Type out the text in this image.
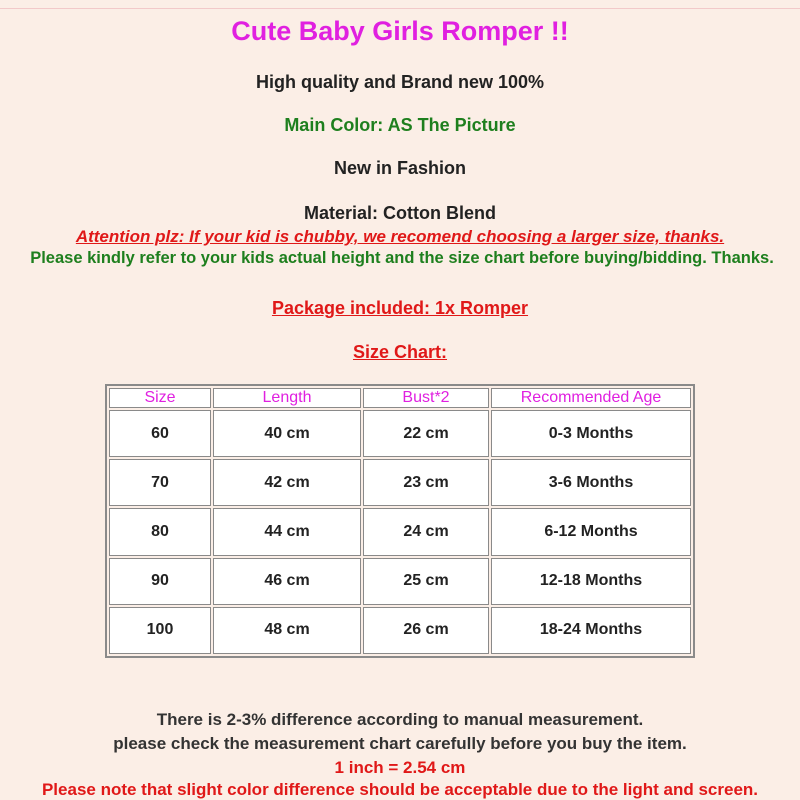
Cute Baby Girls Romper !!
High quality and Brand new 100%
Main Color: AS The Picture
New in Fashion
Material: Cotton Blend
Attention plz: If your kid is chubby, we recomend choosing a larger size, thanks.
Please kindly refer to your kids actual height and the size chart before buying/bidding. Thanks.
Package included: 1x Romper
Size Chart:
Size	Length	Bust*2	Recommended Age
60	40 cm	22 cm	0-3 Months
70	42 cm	23 cm	3-6 Months
80	44 cm	24 cm	6-12 Months
90	46 cm	25 cm	12-18 Months
100	48 cm	26 cm	18-24 Months
There is 2-3% difference according to manual measurement.
please check the measurement chart carefully before you buy the item.
1 inch = 2.54 cm
Please note that slight color difference should be acceptable due to the light and screen.
